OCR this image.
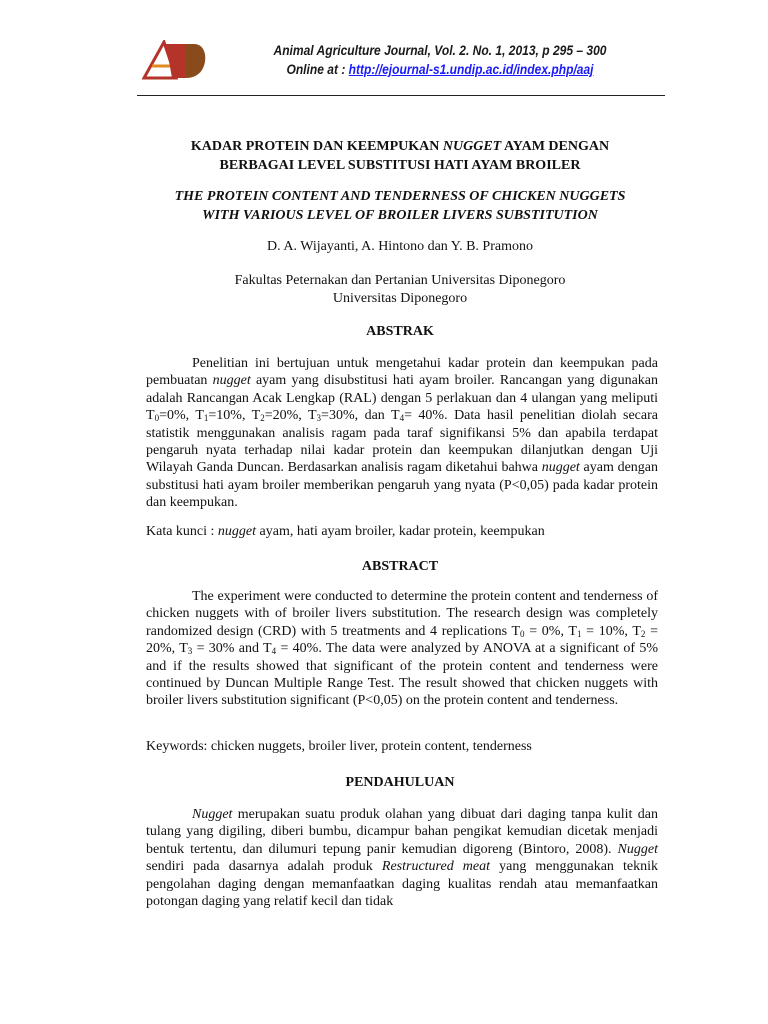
Animal Agriculture Journal, Vol. 2. No. 1, 2013, p 295 – 300
Online at : http://ejournal-s1.undip.ac.id/index.php/aaj
KADAR PROTEIN DAN KEEMPUKAN NUGGET AYAM DENGAN
BERBAGAI LEVEL SUBSTITUSI HATI AYAM BROILER
THE PROTEIN CONTENT AND TENDERNESS OF CHICKEN NUGGETS
WITH VARIOUS LEVEL OF BROILER LIVERS SUBSTITUTION
D. A. Wijayanti, A. Hintono dan Y. B. Pramono
Fakultas Peternakan dan Pertanian Universitas Diponegoro
Universitas Diponegoro
ABSTRAK
Penelitian ini bertujuan untuk mengetahui kadar protein dan keempukan pada pembuatan nugget ayam yang disubstitusi hati ayam broiler. Rancangan yang digunakan adalah Rancangan Acak Lengkap (RAL) dengan 5 perlakuan dan 4 ulangan yang meliputi $T_0=0\%$, $T_1=10\%$, $T_2=20\%$, $T_3=30\%$, dan $T_4= 40\%$. Data hasil penelitian diolah secara statistik menggunakan analisis ragam pada taraf signifikansi 5% dan apabila terdapat pengaruh nyata terhadap nilai kadar protein dan keempukan dilanjutkan dengan Uji Wilayah Ganda Duncan. Berdasarkan analisis ragam diketahui bahwa nugget ayam dengan substitusi hati ayam broiler memberikan pengaruh yang nyata (P<0,05) pada kadar protein dan keempukan.
Kata kunci : nugget ayam, hati ayam broiler, kadar protein, keempukan
ABSTRACT
The experiment were conducted to determine the protein content and tenderness of chicken nuggets with of broiler livers substitution. The research design was completely randomized design (CRD) with 5 treatments and 4 replications $T_0 = 0\%$, $T_1 = 10\%$, $T_2 = 20\%$, $T_3 = 30\%$ and $T_4 = 40\%$. The data were analyzed by ANOVA at a significant of 5% and if the results showed that significant of the protein content and tenderness were continued by Duncan Multiple Range Test. The result showed that chicken nuggets with broiler livers substitution significant (P<0,05) on the protein content and tenderness.
Keywords: chicken nuggets, broiler liver, protein content, tenderness
PENDAHULUAN
Nugget merupakan suatu produk olahan yang dibuat dari daging tanpa kulit dan tulang yang digiling, diberi bumbu, dicampur bahan pengikat kemudian dicetak menjadi bentuk tertentu, dan dilumuri tepung panir kemudian digoreng (Bintoro, 2008). Nugget sendiri pada dasarnya adalah produk Restructured meat yang menggunakan teknik pengolahan daging dengan memanfaatkan daging kualitas rendah atau memanfaatkan potongan daging yang relatif kecil dan tidak
